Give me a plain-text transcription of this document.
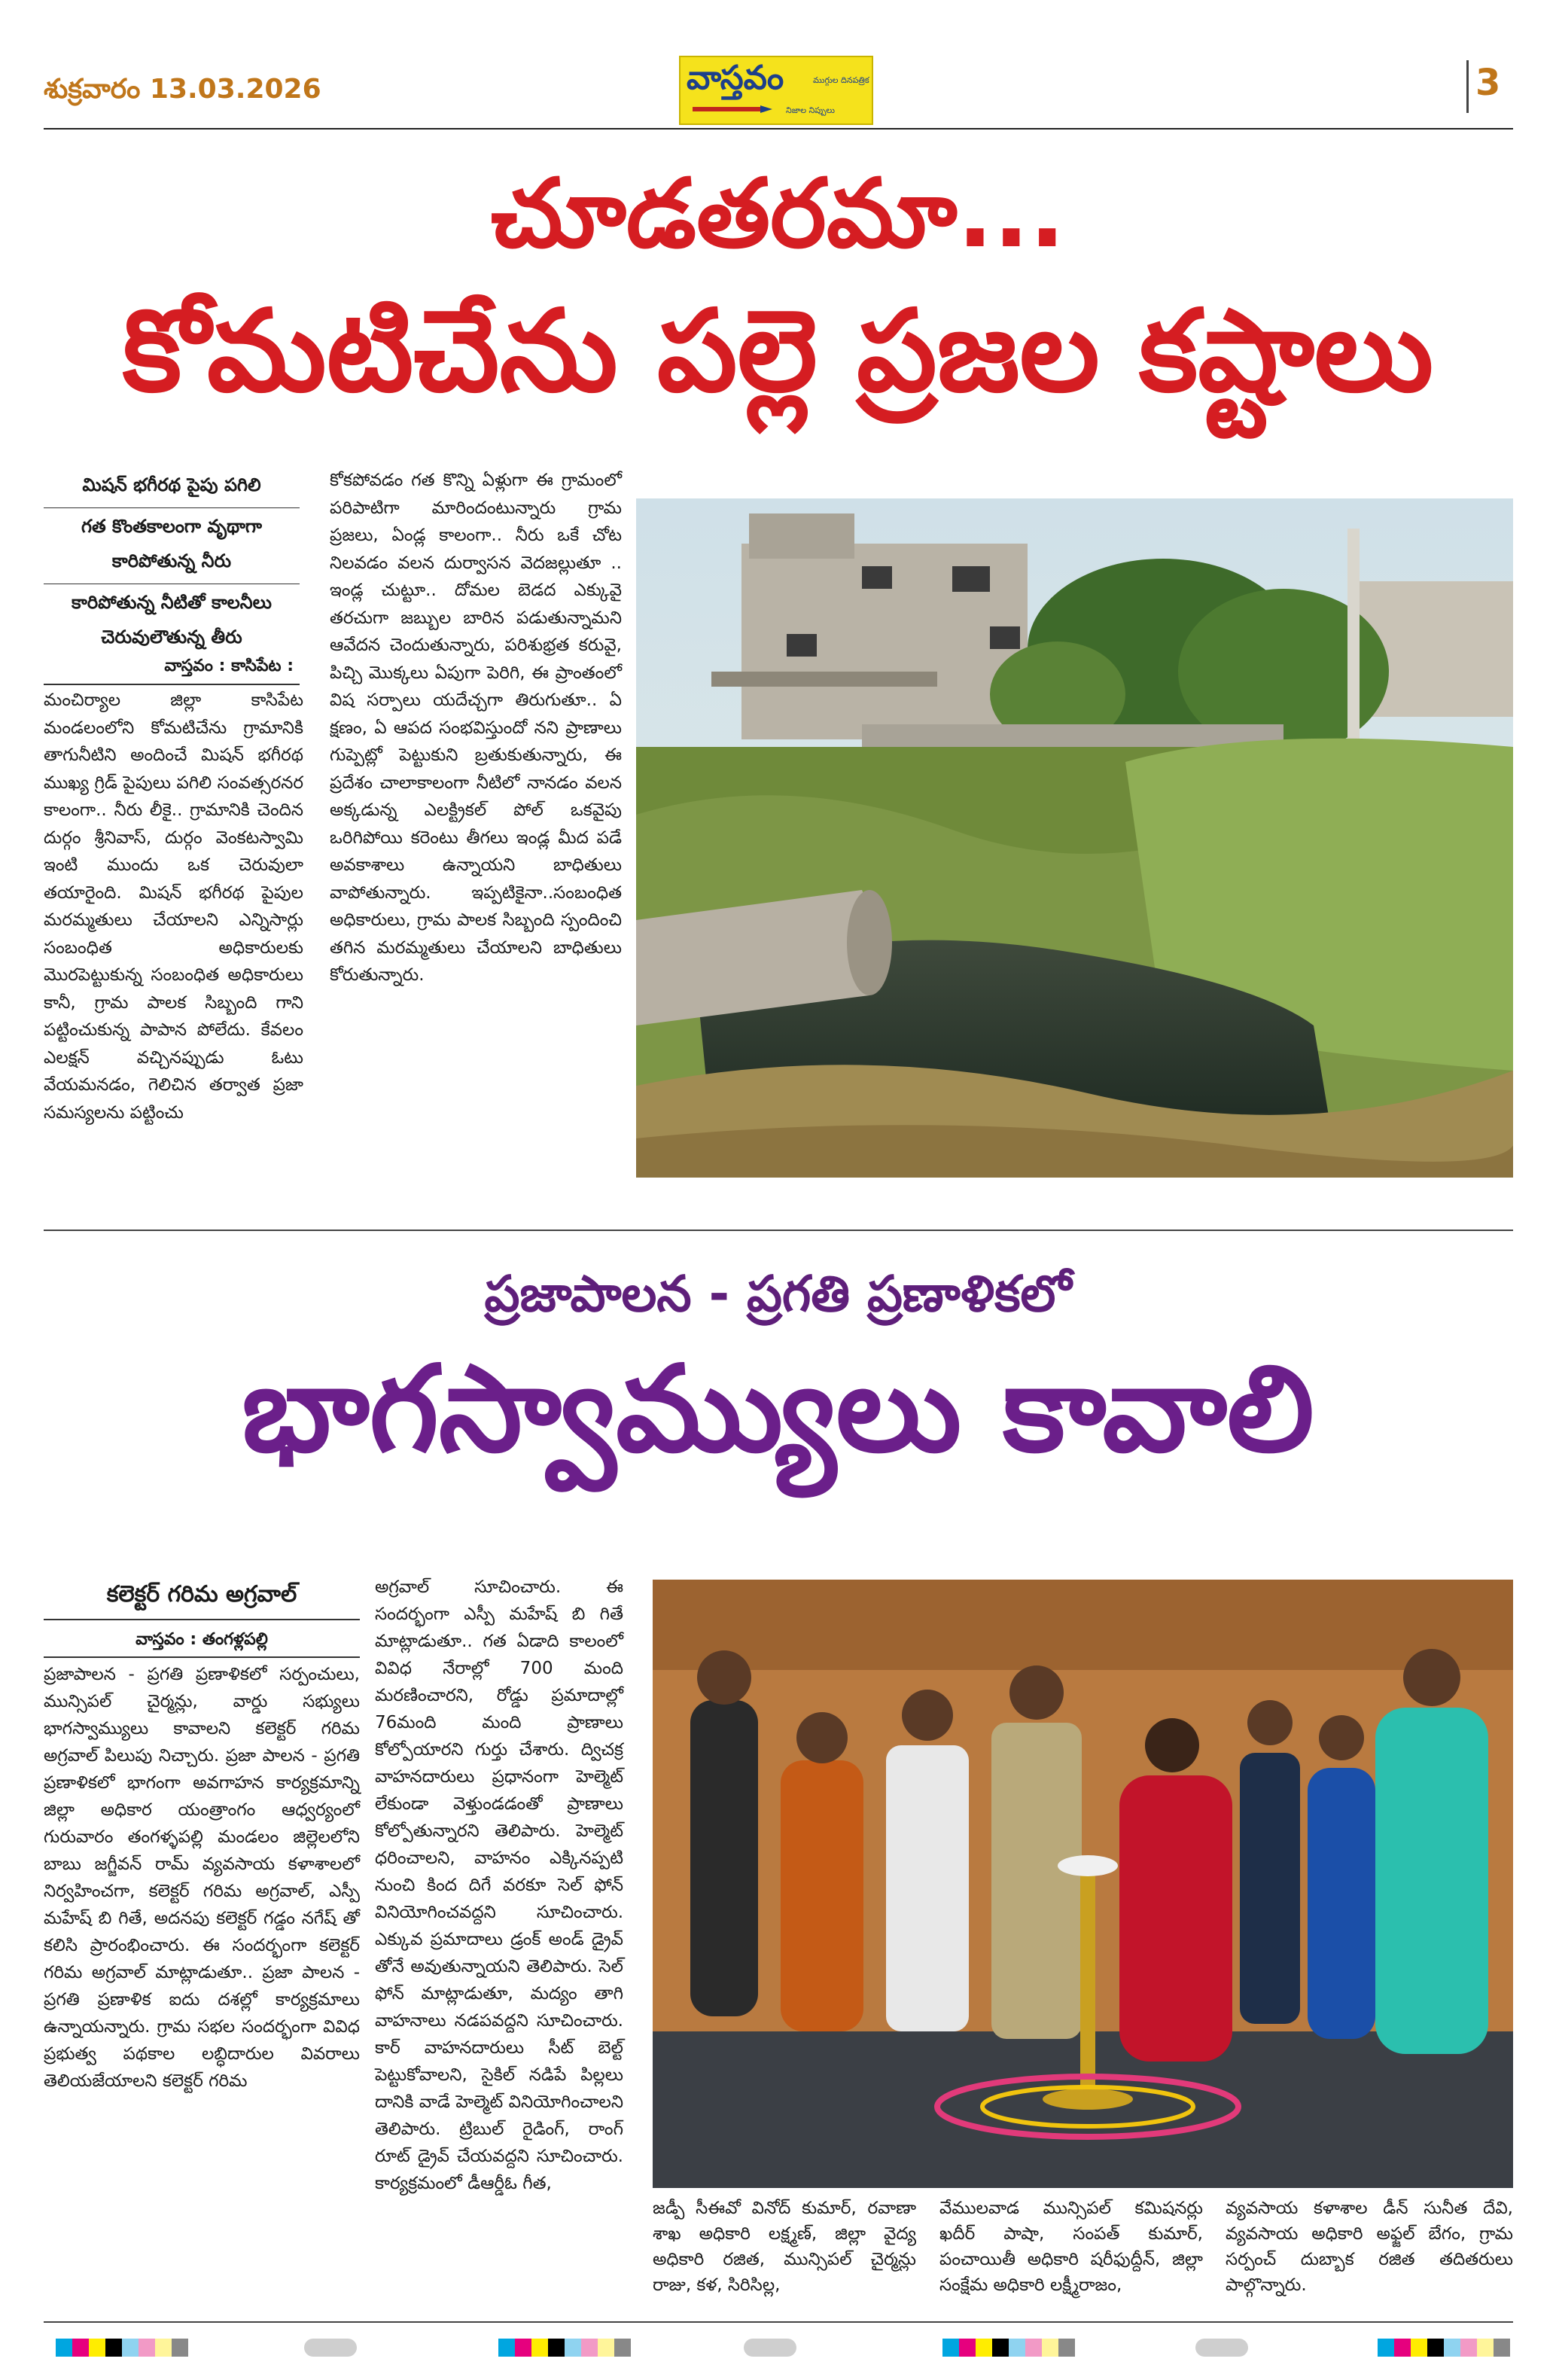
శుక్రవారం 13.03.2026	వాస్తవం	ముగ్గుల దినపత్రిక
నిజాల నిప్పులు
3
చూడతరమా...
కోమటిచేను పల్లె ప్రజల కష్టాలు
మిషన్ భగీరథ పైపు పగిలి
గత కొంతకాలంగా వృథాగా
కారిపోతున్న నీరు
కారిపోతున్న నీటితో కాలనీలు
చెరువులౌతున్న తీరు
వాస్తవం : కాసిపేట :
మంచిర్యాల జిల్లా కాసిపేట మండలంలోని కోమటిచేను గ్రామానికి తాగునీటిని అందించే మిషన్ భగీరథ ముఖ్య గ్రిడ్ పైపులు పగిలి సంవత్సరనర కాలంగా.. నీరు లీకై.. గ్రామానికి చెందిన దుర్గం శ్రీనివాస్, దుర్గం వెంకటస్వామి ఇంటి ముందు ఒక చెరువులా తయారైంది. మిషన్ భగీరథ పైపుల మరమ్మతులు చేయాలని ఎన్నిసార్లు సంబంధిత అధికారులకు మొరపెట్టుకున్న సంబంధిత అధికారులు కానీ, గ్రామ పాలక సిబ్బంది గాని పట్టించుకున్న పాపాన పోలేదు. కేవలం ఎలక్షన్ వచ్చినప్పుడు ఓటు వేయమనడం, గెలిచిన తర్వాత ప్రజా సమస్యలను పట్టించు
కోకపోవడం గత కొన్ని ఏళ్లుగా ఈ గ్రామంలో పరిపాటిగా మారిందంటున్నారు గ్రామ ప్రజలు, ఏండ్ల కాలంగా.. నీరు ఒకే చోట నిలవడం వలన దుర్వాసన వెదజల్లుతూ .. ఇండ్ల చుట్టూ.. దోమల బెడద ఎక్కువై తరచుగా జబ్బుల బారిన పడుతున్నామని ఆవేదన చెందుతున్నారు, పరిశుభ్రత కరువై, పిచ్చి మొక్కలు ఏపుగా పెరిగి, ఈ ప్రాంతంలో విష సర్పాలు యదేచ్చగా తిరుగుతూ.. ఏ క్షణం, ఏ ఆపద సంభవిస్తుందో నని ప్రాణాలు గుప్పెట్లో పెట్టుకుని బ్రతుకుతున్నారు, ఈ ప్రదేశం చాలాకాలంగా నీటిలో నానడం వలన అక్కడున్న ఎలక్ట్రికల్ పోల్ ఒకవైపు ఒరిగిపోయి కరెంటు తీగలు ఇండ్ల మీద పడే అవకాశాలు ఉన్నాయని బాధితులు వాపోతున్నారు. ఇప్పటికైనా..సంబంధిత అధికారులు, గ్రామ పాలక సిబ్బంది స్పందించి తగిన మరమ్మతులు చేయాలని బాధితులు కోరుతున్నారు.
ప్రజాపాలన - ప్రగతి ప్రణాళికలో
భాగస్వామ్యులు కావాలి
కలెక్టర్ గరిమ అగ్రవాల్
వాస్తవం : తంగళ్లపల్లి
ప్రజాపాలన - ప్రగతి ప్రణాళికలో సర్పంచులు, మున్సిపల్ చైర్మన్లు, వార్డు సభ్యులు భాగస్వామ్యులు కావాలని కలెక్టర్ గరిమ అగ్రవాల్ పిలుపు నిచ్చారు. ప్రజా పాలన - ప్రగతి ప్రణాళికలో భాగంగా అవగాహన కార్యక్రమాన్ని జిల్లా అధికార యంత్రాంగం ఆధ్వర్యంలో గురువారం తంగళ్ళపల్లి మండలం జిల్లెలలోని బాబు జగ్జీవన్ రామ్ వ్యవసాయ కళాశాలలో నిర్వహించగా, కలెక్టర్ గరిమ అగ్రవాల్, ఎస్పీ మహేష్ బి గితే, అదనపు కలెక్టర్ గడ్డం నగేష్ తో కలిసి ప్రారంభించారు. ఈ సందర్భంగా కలెక్టర్ గరిమ అగ్రవాల్ మాట్లాడుతూ.. ప్రజా పాలన - ప్రగతి ప్రణాళిక ఐదు దశల్లో కార్యక్రమాలు ఉన్నాయన్నారు. గ్రామ సభల సందర్భంగా వివిధ ప్రభుత్వ పథకాల లబ్ధిదారుల వివరాలు తెలియజేయాలని కలెక్టర్ గరిమ
అగ్రవాల్ సూచించారు. ఈ సందర్భంగా ఎస్పీ మహేష్ బి గితే మాట్లాడుతూ.. గత ఏడాది కాలంలో వివిధ నేరాల్లో 700 మంది మరణించారని, రోడ్డు ప్రమాదాల్లో 76మంది మంది ప్రాణాలు కోల్పోయారని గుర్తు చేశారు. ద్విచక్ర వాహనదారులు ప్రధానంగా హెల్మెట్ లేకుండా వెళ్తుండడంతో ప్రాణాలు కోల్పోతున్నారని తెలిపారు. హెల్మెట్ ధరించాలని, వాహనం ఎక్కినప్పటి నుంచి కింద దిగే వరకూ సెల్ ఫోన్ వినియోగించవద్దని సూచించారు. ఎక్కువ ప్రమాదాలు డ్రంక్ అండ్ డ్రైవ్ తోనే అవుతున్నాయని తెలిపారు. సెల్ ఫోన్ మాట్లాడుతూ, మద్యం తాగి వాహనాలు నడపవద్దని సూచించారు. కార్ వాహనదారులు సీట్ బెల్ట్ పెట్టుకోవాలని, సైకిల్ నడిపే పిల్లలు దానికి వాడే హెల్మెట్ వినియోగించాలని తెలిపారు. ట్రిబుల్ రైడింగ్, రాంగ్ రూట్ డ్రైవ్ చేయవద్దని సూచించారు. కార్యక్రమంలో డీఆర్డీఓ గీత,
జడ్పీ సీఈవో వినోద్ కుమార్, రవాణా శాఖ అధికారి లక్ష్మణ్, జిల్లా వైద్య అధికారి రజిత, మున్సిపల్ చైర్మన్లు రాజు, కళ, సిరిసిల్ల,
వేములవాడ మున్సిపల్ కమిషనర్లు ఖదీర్ పాషా, సంపత్ కుమార్, పంచాయితీ అధికారి షరీఫుద్దీన్, జిల్లా సంక్షేమ అధికారి లక్ష్మీరాజం,
వ్యవసాయ కళాశాల డీన్ సునీత దేవి, వ్యవసాయ అధికారి అఫ్జల్ బేగం, గ్రామ సర్పంచ్ దుబ్బాక రజిత తదితరులు పాల్గొన్నారు.
